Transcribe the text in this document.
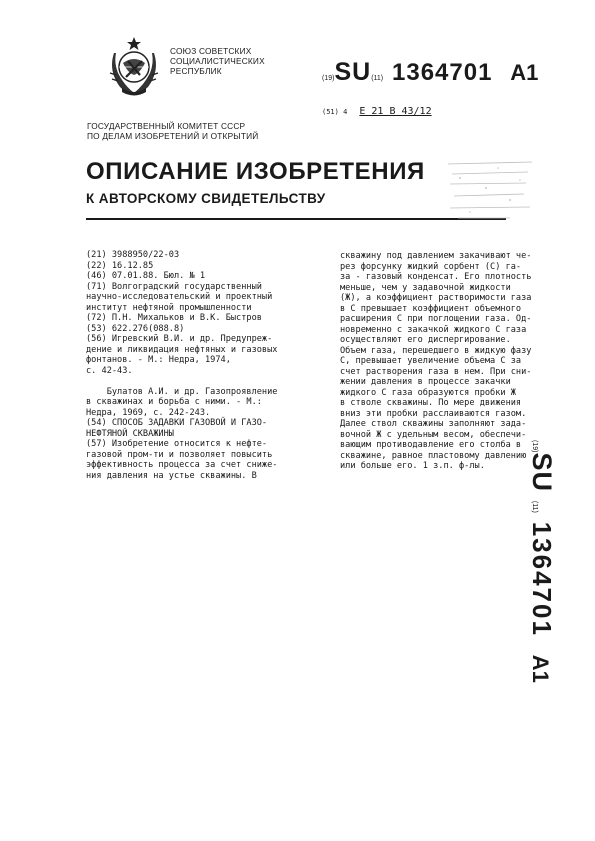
СОЮЗ СОВЕТСКИХ
СОЦИАЛИСТИЧЕСКИХ
РЕСПУБЛИК
(19)SU(11) 1364701 A1
(51) 4 E 21 B 43/12
ГОСУДАРСТВЕННЫЙ КОМИТЕТ СССР
ПО ДЕЛАМ ИЗОБРЕТЕНИЙ И ОТКРЫТИЙ
ОПИСАНИЕ ИЗОБРЕТЕНИЯ
К АВТОРСКОМУ СВИДЕТЕЛЬСТВУ
(21) 3988950/22-03
(22) 16.12.85
(46) 07.01.88. Бюл. № 1
(71) Волгоградский государственный
научно-исследовательский и проектный
институт нефтяной промышленности
(72) П.Н. Михальков и В.К. Быстров
(53) 622.276(088.8)
(56) Игревский В.И. и др. Предупреж-
дение и ликвидация нефтяных и газовых
фонтанов. - М.: Недра, 1974,
с. 42-43.

Булатов А.И. и др. Газопроявление
в скважинах и борьба с ними. - М.:
Недра, 1969, с. 242-243.
(54) СПОСОБ ЗАДАВКИ ГАЗОВОЙ И ГАЗО-
НЕФТЯНОЙ СКВАЖИНЫ
(57) Изобретение относится к нефте-
газовой пром-ти и позволяет повысить
эффективность процесса за счет сниже-
ния давления на устье скважины. В
скважину под давлением закачивают че-
рез форсунку жидкий сорбент (С) га-
за - газовый конденсат. Его плотность
меньше, чем у задавочной жидкости
(Ж), а коэффициент растворимости газа
в С превышает коэффициент объемного
расширения С при поглощении газа. Од-
новременно с закачкой жидкого С газа
осуществляют его диспергирование.
Объем газа, перешедшего в жидкую фазу
С, превышает увеличение объема С за
счет растворения газа в нем. При сни-
жении давления в процессе закачки
жидкого С газа образуются пробки Ж
в стволе скважины. По мере движения
вниз эти пробки расслаиваются газом.
Далее ствол скважины заполняют зада-
вочной Ж с удельным весом, обеспечи-
вающим противодавление его столба в
скважине, равное пластовому давлению
или больше его. 1 з.п. ф-лы.
(19)SU  (11)  1364701    A1
